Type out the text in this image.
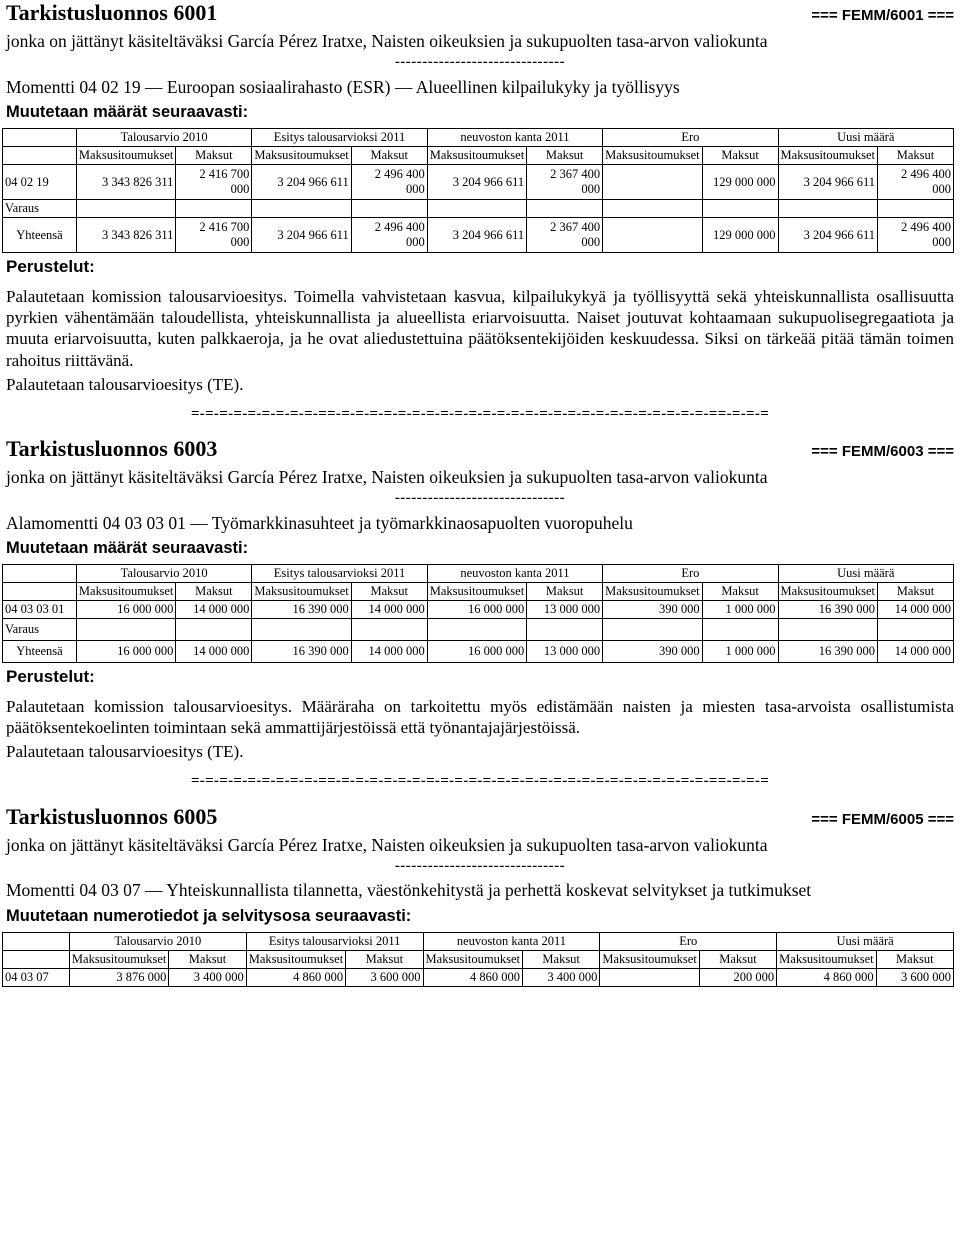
Tarkistusluonnos 6001	=== FEMM/6001 ===
jonka on jättänyt käsiteltäväksi García Pérez Iratxe, Naisten oikeuksien ja sukupuolten tasa-arvon valiokunta
-------------------------------
Momentti 04 02 19 — Euroopan sosiaalirahasto (ESR) — Alueellinen kilpailukyky ja työllisyys
Muutetaan määrät seuraavasti:
	Talousarvio 2010		Esitys talousarvioksi 2011		neuvoston kanta 2011		Ero		Uusi määrä	
	Maksusitoumukset	Maksut	Maksusitoumukset	Maksut	Maksusitoumukset	Maksut	Maksusitoumukset	Maksut	Maksusitoumukset	Maksut
04 02 19	3 343 826 311	2 416 700 000	3 204 966 611	2 496 400 000	3 204 966 611	2 367 400 000		129 000 000	3 204 966 611	2 496 400 000
Varaus										
Yhteensä	3 343 826 311	2 416 700 000	3 204 966 611	2 496 400 000	3 204 966 611	2 367 400 000		129 000 000	3 204 966 611	2 496 400 000
Perustelut:
Palautetaan komission talousarvioesitys. Toimella vahvistetaan kasvua, kilpailukykyä ja työllisyyttä sekä yhteiskunnallista osallisuutta pyrkien vähentämään taloudellista, yhteiskunnallista ja alueellista eriarvoisuutta. Naiset joutuvat kohtaamaan sukupuolisegregaatiota ja muuta eriarvoisuutta, kuten palkkaeroja, ja he ovat aliedustettuina päätöksentekijöiden keskuudessa. Siksi on tärkeää pitää tämän toimen rahoitus riittävänä.
Palautetaan talousarvioesitys (TE).
=-=-=-=-=-=-=-=-=-==-=-=-=-=-=-=-=-=-=-=-=-=-=-=-=-=-=-=-=-=-=-=-=-=-=-=-==-=-=-=
Tarkistusluonnos 6003	=== FEMM/6003 ===
jonka on jättänyt käsiteltäväksi García Pérez Iratxe, Naisten oikeuksien ja sukupuolten tasa-arvon valiokunta
-------------------------------
Alamomentti 04 03 03 01 — Työmarkkinasuhteet ja työmarkkinaosapuolten vuoropuhelu
Muutetaan määrät seuraavasti:
	Talousarvio 2010		Esitys talousarvioksi 2011		neuvoston kanta 2011		Ero		Uusi määrä	
	Maksusitoumukset	Maksut	Maksusitoumukset	Maksut	Maksusitoumukset	Maksut	Maksusitoumukset	Maksut	Maksusitoumukset	Maksut
04 03 03 01	16 000 000	14 000 000	16 390 000	14 000 000	16 000 000	13 000 000	390 000	1 000 000	16 390 000	14 000 000
Varaus										
Yhteensä	16 000 000	14 000 000	16 390 000	14 000 000	16 000 000	13 000 000	390 000	1 000 000	16 390 000	14 000 000
Perustelut:
Palautetaan komission talousarvioesitys. Määräraha on tarkoitettu myös edistämään naisten ja miesten tasa-arvoista osallistumista päätöksentekoelinten toimintaan sekä ammattijärjestöissä että työnantajajärjestöissä.
Palautetaan talousarvioesitys (TE).
=-=-=-=-=-=-=-=-=-==-=-=-=-=-=-=-=-=-=-=-=-=-=-=-=-=-=-=-=-=-=-=-=-=-=-=-==-=-=-=
Tarkistusluonnos 6005	=== FEMM/6005 ===
jonka on jättänyt käsiteltäväksi García Pérez Iratxe, Naisten oikeuksien ja sukupuolten tasa-arvon valiokunta
-------------------------------
Momentti 04 03 07 — Yhteiskunnallista tilannetta, väestönkehitystä ja perhettä koskevat selvitykset ja tutkimukset
Muutetaan numerotiedot ja selvitysosa seuraavasti:
	Talousarvio 2010		Esitys talousarvioksi 2011		neuvoston kanta 2011		Ero		Uusi määrä	
	Maksusitoumukset	Maksut	Maksusitoumukset	Maksut	Maksusitoumukset	Maksut	Maksusitoumukset	Maksut	Maksusitoumukset	Maksut
04 03 07	3 876 000	3 400 000	4 860 000	3 600 000	4 860 000	3 400 000		200 000	4 860 000	3 600 000
